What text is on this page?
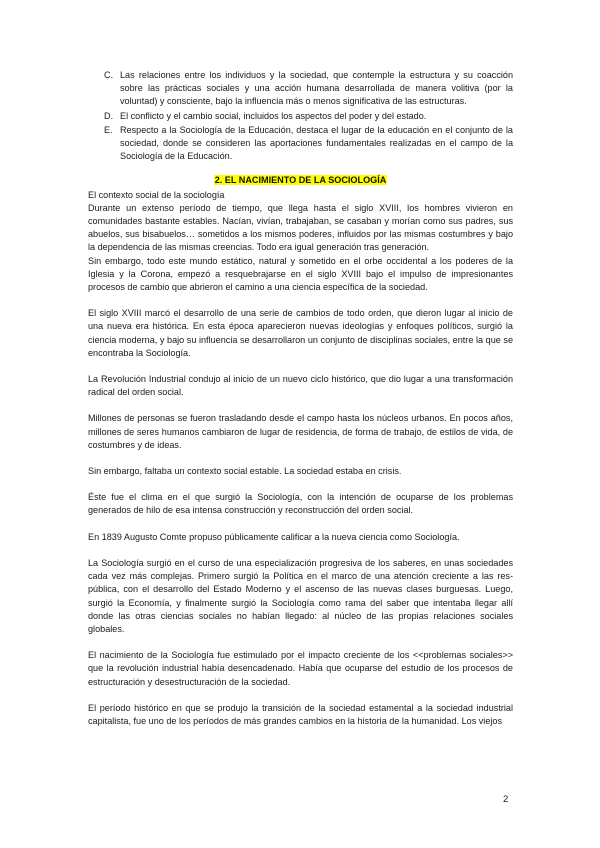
C. Las relaciones entre los individuos y la sociedad, que contemple la estructura y su coacción sobre las prácticas sociales y una acción humana desarrollada de manera volitiva (por la voluntad) y consciente, bajo la influencia más o menos significativa de las estructuras.
D. El conflicto y el cambio social, incluidos los aspectos del poder y del estado.
E. Respecto a la Sociología de la Educación, destaca el lugar de la educación en el conjunto de la sociedad, donde se consideren las aportaciones fundamentales realizadas en el campo de la Sociología de la Educación.
2. EL NACIMIENTO DE LA SOCIOLOGÍA
El contexto social de la sociología

Durante un extenso período de tiempo, que llega hasta el siglo XVIII, los hombres vivieron en comunidades bastante estables. Nacían, vivían, trabajaban, se casaban y morían como sus padres, sus abuelos, sus bisabuelos… sometidos a los mismos poderes, influidos por las mismas costumbres y bajo la dependencia de las mismas creencias. Todo era igual generación tras generación.

Sin embargo, todo este mundo estático, natural y sometido en el orbe occidental a los poderes de la Iglesia y la Corona, empezó a resquebrajarse en el siglo XVIII bajo el impulso de impresionantes procesos de cambio que abrieron el camino a una ciencia específica de la sociedad.

El siglo XVIII marcó el desarrollo de una serie de cambios de todo orden, que dieron lugar al inicio de una nueva era histórica. En esta época aparecieron nuevas ideologías y enfoques políticos, surgió la ciencia moderna, y bajo su influencia se desarrollaron un conjunto de disciplinas sociales, entre la que se encontraba la Sociología.

La Revolución Industrial condujo al inicio de un nuevo ciclo histórico, que dio lugar a una transformación radical del orden social.

Millones de personas se fueron trasladando desde el campo hasta los núcleos urbanos. En pocos años, millones de seres humanos cambiaron de lugar de residencia, de forma de trabajo, de estilos de vida, de costumbres y de ideas.

Sin embargo, faltaba un contexto social estable. La sociedad estaba en crisis.

Éste fue el clima en el que surgió la Sociología, con la intención de ocuparse de los problemas generados de hilo de esa intensa construcción y reconstrucción del orden social.

En 1839 Augusto Comte propuso públicamente calificar a la nueva ciencia como Sociología.

La Sociología surgió en el curso de una especialización progresiva de los saberes, en unas sociedades cada vez más complejas. Primero surgió la Política en el marco de una atención creciente a las res-pública, con el desarrollo del Estado Moderno y el ascenso de las nuevas clases burguesas. Luego, surgió la Economía, y finalmente surgió la Sociología como rama del saber que intentaba llegar allí donde las otras ciencias sociales no habían llegado: al núcleo de las propias relaciones sociales globales.

El nacimiento de la Sociología fue estimulado por el impacto creciente de los <<problemas sociales>> que la revolución industrial había desencadenado. Había que ocuparse del estudio de los procesos de estructuración y desestructuración de la sociedad.

El período histórico en que se produjo la transición de la sociedad estamental a la sociedad industrial capitalista, fue uno de los períodos de más grandes cambios en la historia de la humanidad. Los viejos

2
